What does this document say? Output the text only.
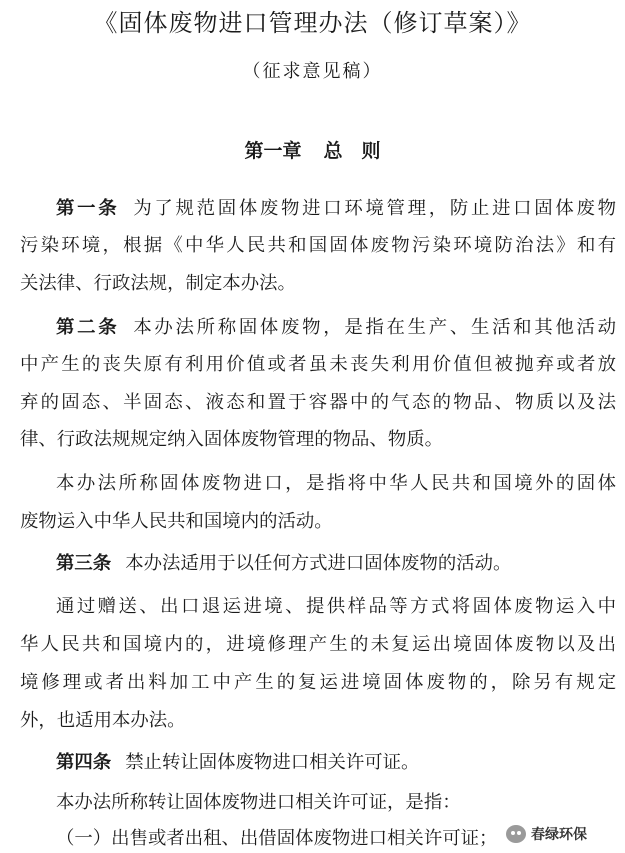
《固体废物进口管理办法（修订草案）》
（征求意见稿）
第一章 总　则
第一条 为了规范固体废物进口环境管理，防止进口固体废物
污染环境，根据《中华人民共和国固体废物污染环境防治法》和有
关法律、行政法规，制定本办法。
第二条 本办法所称固体废物，是指在生产、生活和其他活动
中产生的丧失原有利用价值或者虽未丧失利用价值但被抛弃或者放
弃的固态、半固态、液态和置于容器中的气态的物品、物质以及法
律、行政法规规定纳入固体废物管理的物品、物质。
本办法所称固体废物进口，是指将中华人民共和国境外的固体
废物运入中华人民共和国境内的活动。
第三条 本办法适用于以任何方式进口固体废物的活动。
通过赠送、出口退运进境、提供样品等方式将固体废物运入中
华人民共和国境内的，进境修理产生的未复运出境固体废物以及出
境修理或者出料加工中产生的复运进境固体废物的，除另有规定
外，也适用本办法。
第四条 禁止转让固体废物进口相关许可证。
本办法所称转让固体废物进口相关许可证，是指：
（一）出售或者出租、出借固体废物进口相关许可证；	春绿环保
